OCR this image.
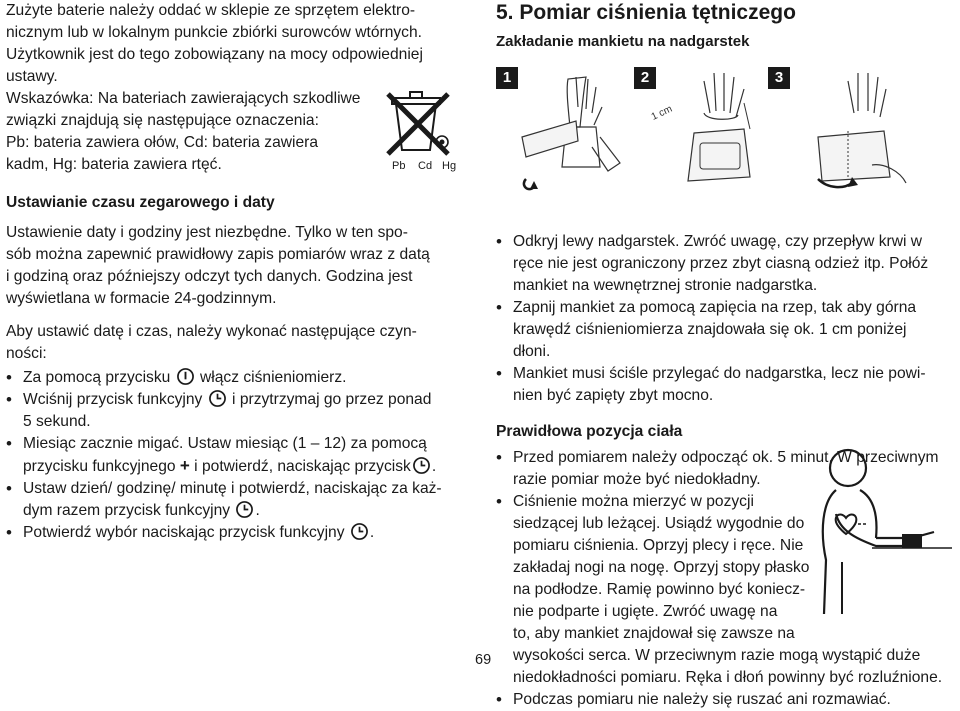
Zużyte baterie należy oddać w sklepie ze sprzętem elektro-

nicznym lub w lokalnym punkcie zbiórki surowców wtórnych.

Użytkownik jest do tego zobowiązany na mocy odpowiedniej

ustawy.

Wskazówka: Na bateriach zawierających szkodliwe

związki znajdują się następujące oznaczenia:

Pb: bateria zawiera ołów, Cd: bateria zawiera

kadm, Hg: bateria zawiera rtęć.

Ustawianie czasu zegarowego i daty

Ustawienie daty i godziny jest niezbędne. Tylko w ten spo-

sób można zapewnić prawidłowy zapis pomiarów wraz z datą

i godziną oraz późniejszy odczyt tych danych. Godzina jest

wyświetlana w formacie 24-godzinnym.

Aby ustawić datę i czas, należy wykonać następujące czyn-

ności:

• Za pomocą przycisku włącz ciśnieniomierz.
• Wciśnij przycisk funkcyjny i przytrzymaj go przez ponad
5 sekund.
• Miesiąc zacznie migać. Ustaw miesiąc (1 – 12) za pomocą
przycisku funkcyjnego + i potwierdź, naciskając przycisk .
• Ustaw dzień/ godzinę/ minutę i potwierdź, naciskając za każ-
dym razem przycisk funkcyjny .
• Potwierdź wybór naciskając przycisk funkcyjny .
Pb Cd Hg
5. Pomiar ciśnienia tętniczego
Zakładanie mankietu na nadgarstek
1	2	3
1 cm
• Odkryj lewy nadgarstek. Zwróć uwagę, czy przepływ krwi w
ręce nie jest ograniczony przez zbyt ciasną odzież itp. Połóż
mankiet na wewnętrznej stronie nadgarstka.
• Zapnij mankiet za pomocą zapięcia na rzep, tak aby górna
krawędź ciśnieniomierza znajdowała się ok. 1 cm poniżej
dłoni.
• Mankiet musi ściśle przylegać do nadgarstka, lecz nie powi-
nien być zapięty zbyt mocno.
Prawidłowa pozycja ciała
• Przed pomiarem należy odpocząć ok. 5 minut. W przeciwnym
razie pomiar może być niedokładny.
• Ciśnienie można mierzyć w pozycji
siedzącej lub leżącej. Usiądź wygodnie do
pomiaru ciśnienia. Oprzyj plecy i ręce. Nie
zakładaj nogi na nogę. Oprzyj stopy płasko
na podłodze. Ramię powinno być koniecz-
nie podparte i ugięte. Zwróć uwagę na
to, aby mankiet znajdował się zawsze na
wysokości serca. W przeciwnym razie mogą wystąpić duże
niedokładności pomiaru. Ręka i dłoń powinny być rozluźnione.
• Podczas pomiaru nie należy się ruszać ani rozmawiać.
69
